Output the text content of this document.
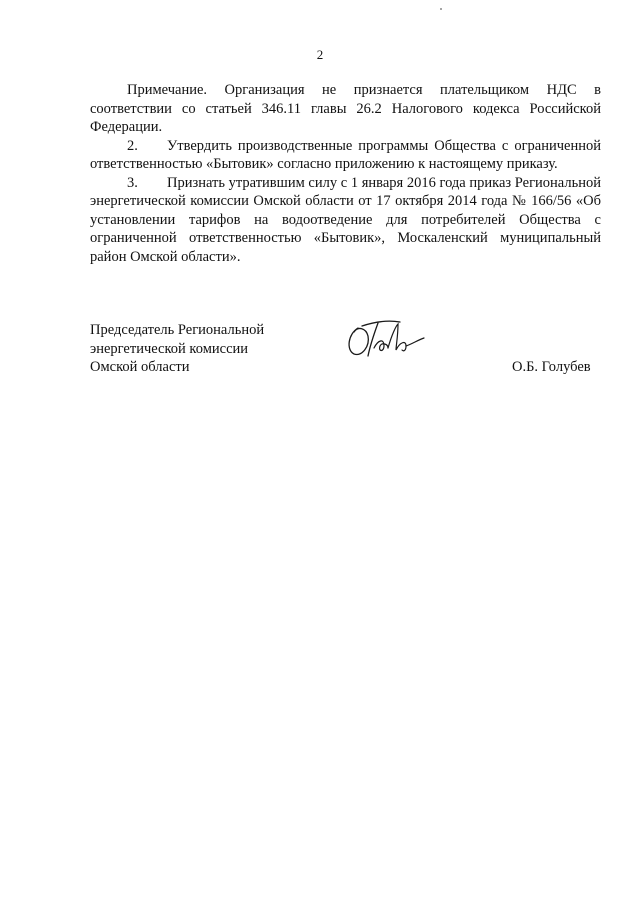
2

Примечание. Организация не признается плательщиком НДС в соответствии со статьей 346.11 главы 26.2 Налогового кодекса Российской Федерации.

2. Утвердить производственные программы Общества с ограниченной ответственностью «Бытовик» согласно приложению к настоящему приказу.

3. Признать утратившим силу с 1 января 2016 года приказ Региональной энергетической комиссии Омской области от 17 октября 2014 года № 166/56 «Об установлении тарифов на водоотведение для потребителей Общества с ограниченной ответственностью «Бытовик», Москаленский муниципальный район Омской области».

Председатель Региональной
энергетической комиссии
Омской области	О.Б. Голубев
